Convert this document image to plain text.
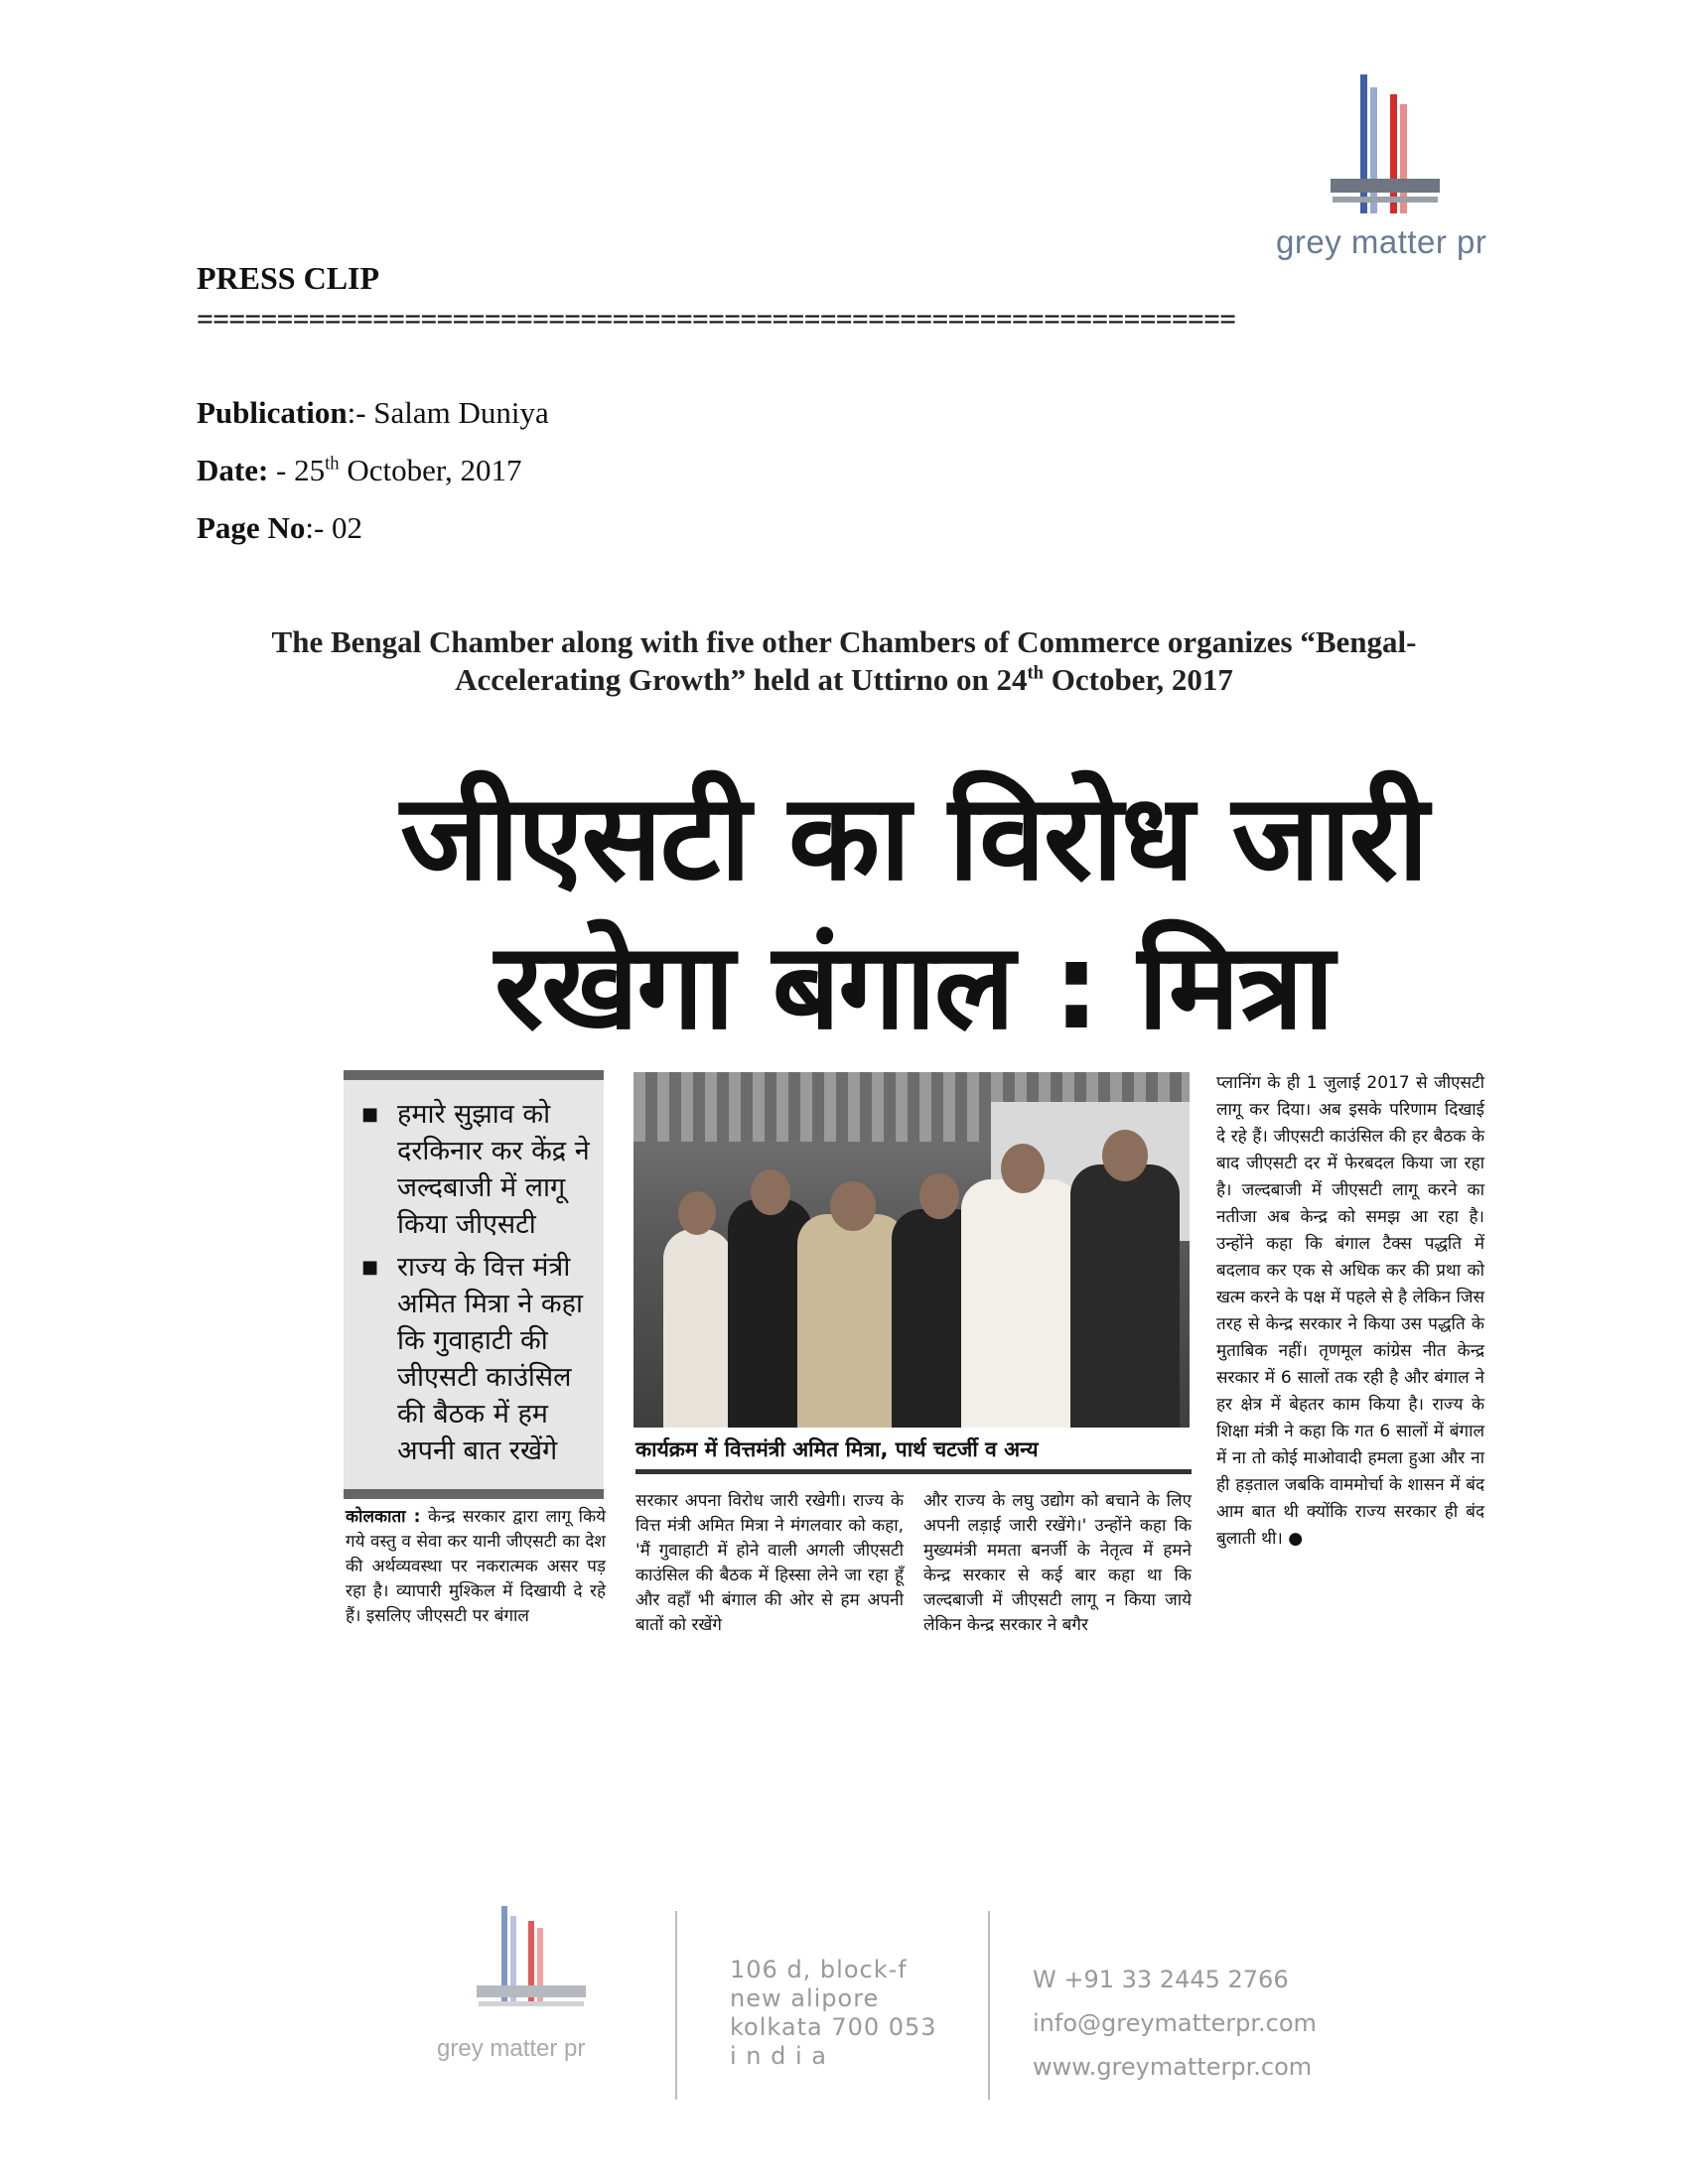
grey matter pr
PRESS CLIP
=================================================================
Publication:- Salam Duniya
Date: - 25th October, 2017
Page No:- 02
The Bengal Chamber along with five other Chambers of Commerce organizes “Bengal-
Accelerating Growth” held at Uttirno on 24th October, 2017
जीएसटी का विरोध जारी
रखेगा बंगाल : मित्रा
■ हमारे सुझाव को दरकिनार कर केंद्र ने जल्दबाजी में लागू किया जीएसटी
■ राज्य के वित्त मंत्री अमित मित्रा ने कहा कि गुवाहाटी की जीएसटी काउंसिल की बैठक में हम अपनी बात रखेंगे	कार्यक्रम में वित्तमंत्री अमित मित्रा, पार्थ चटर्जी व अन्य
कोलकाता : केन्द्र सरकार द्वारा लागू किये गये वस्तु व सेवा कर यानी जीएसटी का देश की अर्थव्यवस्था पर नकरात्मक असर पड़ रहा है। व्यापारी मुश्किल में दिखायी दे रहे हैं। इसलिए जीएसटी पर बंगाल
सरकार अपना विरोध जारी रखेगी। राज्य के वित्त मंत्री अमित मित्रा ने मंगलवार को कहा, 'मैं गुवाहाटी में होने वाली अगली जीएसटी काउंसिल की बैठक में हिस्सा लेने जा रहा हूँ और वहाँ भी बंगाल की ओर से हम अपनी बातों को रखेंगे
और राज्य के लघु उद्योग को बचाने के लिए अपनी लड़ाई जारी रखेंगे।' उन्होंने कहा कि मुख्यमंत्री ममता बनर्जी के नेतृत्व में हमने केन्द्र सरकार से कई बार कहा था कि जल्दबाजी में जीएसटी लागू न किया जाये लेकिन केन्द्र सरकार ने बगैर
प्लानिंग के ही 1 जुलाई 2017 से जीएसटी लागू कर दिया। अब इसके परिणाम दिखाई दे रहे हैं। जीएसटी काउंसिल की हर बैठक के बाद जीएसटी दर में फेरबदल किया जा रहा है। जल्दबाजी में जीएसटी लागू करने का नतीजा अब केन्द्र को समझ आ रहा है। उन्होंने कहा कि बंगाल टैक्स पद्धति में बदलाव कर एक से अधिक कर की प्रथा को खत्म करने के पक्ष में पहले से है लेकिन जिस तरह से केन्द्र सरकार ने किया उस पद्धति के मुताबिक नहीं। तृणमूल कांग्रेस नीत केन्द्र सरकार में 6 सालों तक रही है और बंगाल ने हर क्षेत्र में बेहतर काम किया है। राज्य के शिक्षा मंत्री ने कहा कि गत 6 सालों में बंगाल में ना तो कोई माओवादी हमला हुआ और ना ही हड़ताल जबकि वाममोर्चा के शासन में बंद आम बात थी क्योंकि राज्य सरकार ही बंद बुलाती थी। ●
grey matter pr
106 d, block-f
new alipore
kolkata 700 053
i n d i a
W +91 33 2445 2766
info@greymatterpr.com
www.greymatterpr.com
